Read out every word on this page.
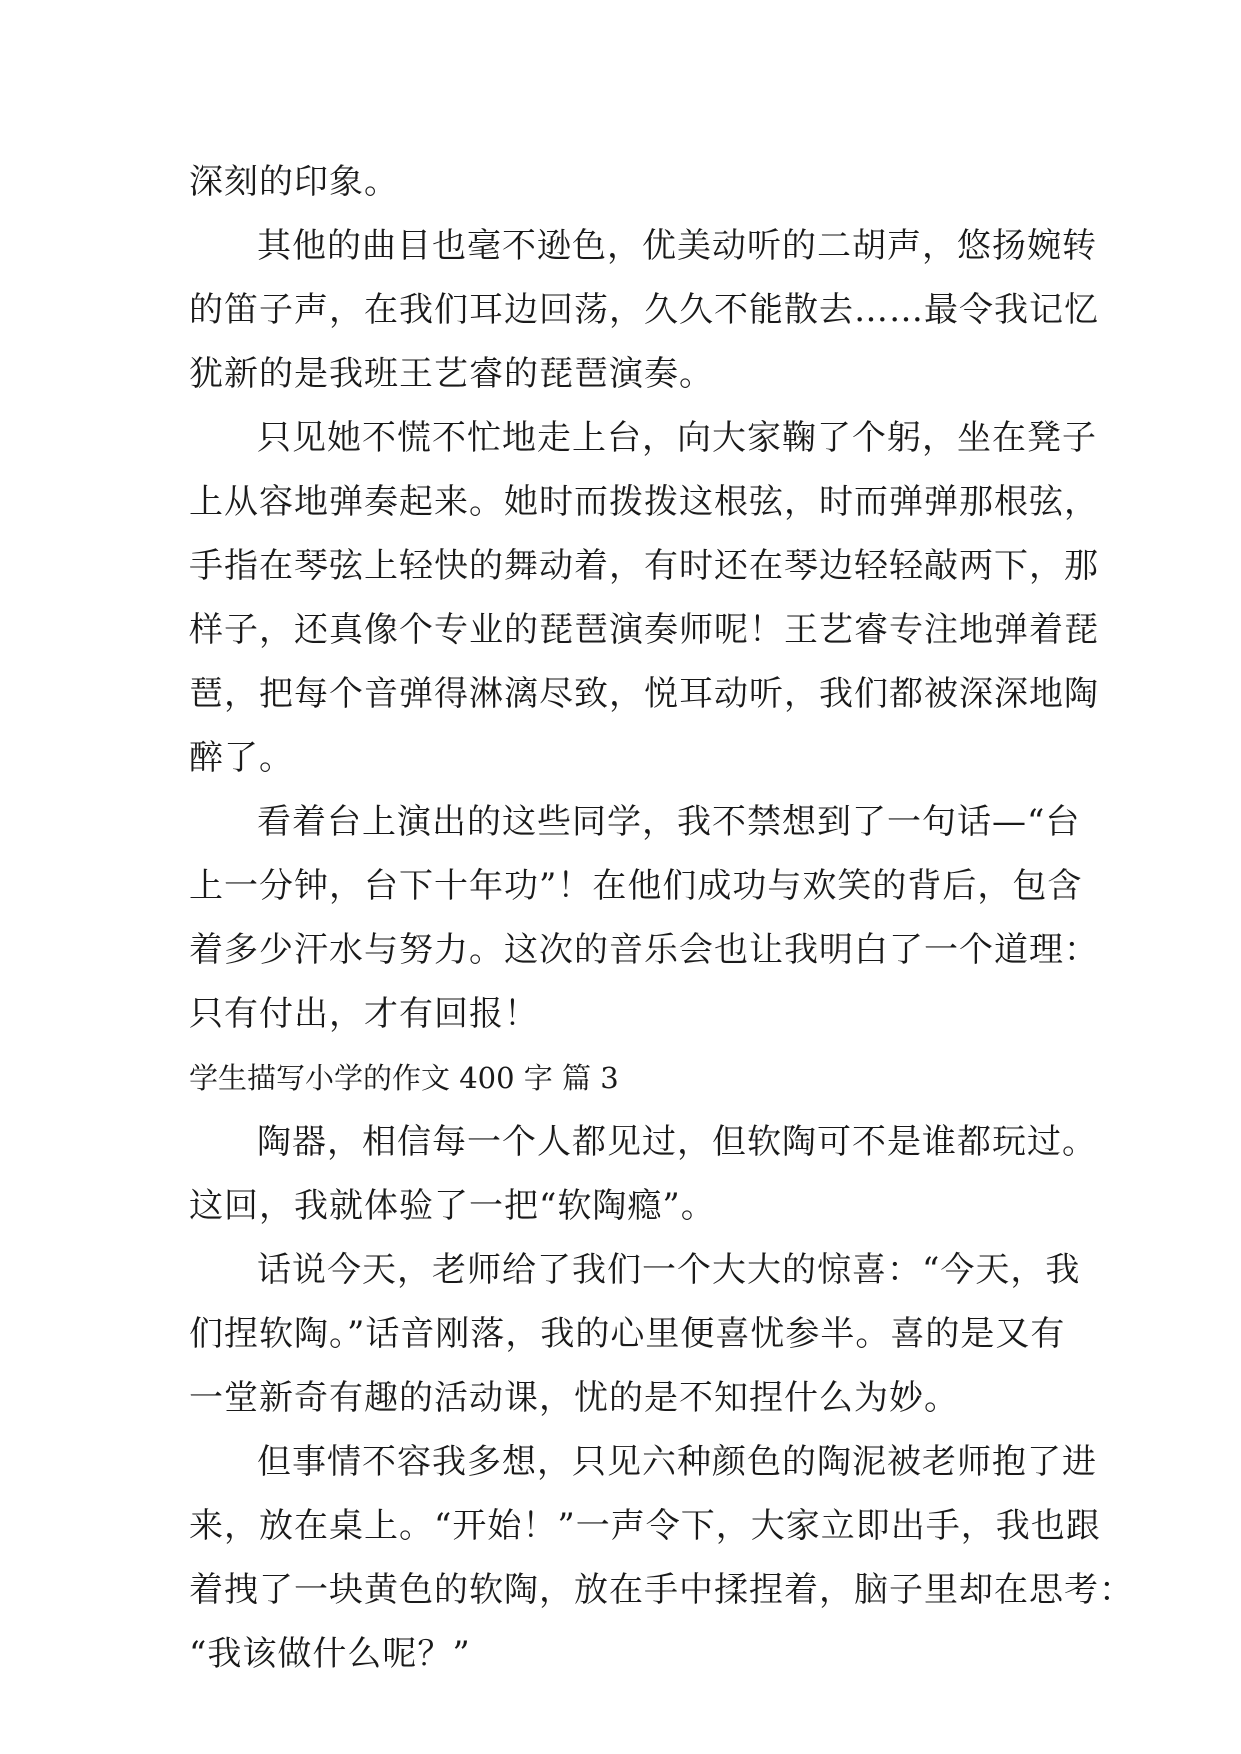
深刻的印象。
其他的曲目也毫不逊色，优美动听的二胡声，悠扬婉转
的笛子声，在我们耳边回荡，久久不能散去……最令我记忆
犹新的是我班王艺睿的琵琶演奏。
只见她不慌不忙地走上台，向大家鞠了个躬，坐在凳子
上从容地弹奏起来。她时而拨拨这根弦，时而弹弹那根弦，
手指在琴弦上轻快的舞动着，有时还在琴边轻轻敲两下，那
样子，还真像个专业的琵琶演奏师呢！王艺睿专注地弹着琵
琶，把每个音弹得淋漓尽致，悦耳动听，我们都被深深地陶
醉了。
看着台上演出的这些同学，我不禁想到了一句话—“台
上一分钟，台下十年功”！在他们成功与欢笑的背后，包含
着多少汗水与努力。这次的音乐会也让我明白了一个道理：
只有付出，才有回报！
学生描写小学的作文 400 字 篇 3
陶器，相信每一个人都见过，但软陶可不是谁都玩过。
这回，我就体验了一把“软陶瘾”。
话说今天，老师给了我们一个大大的惊喜：“今天，我
们捏软陶。”话音刚落，我的心里便喜忧参半。喜的是又有
一堂新奇有趣的活动课，忧的是不知捏什么为妙。
但事情不容我多想，只见六种颜色的陶泥被老师抱了进
来，放在桌上。“开始！”一声令下，大家立即出手，我也跟
着拽了一块黄色的软陶，放在手中揉捏着，脑子里却在思考：
“我该做什么呢？”
